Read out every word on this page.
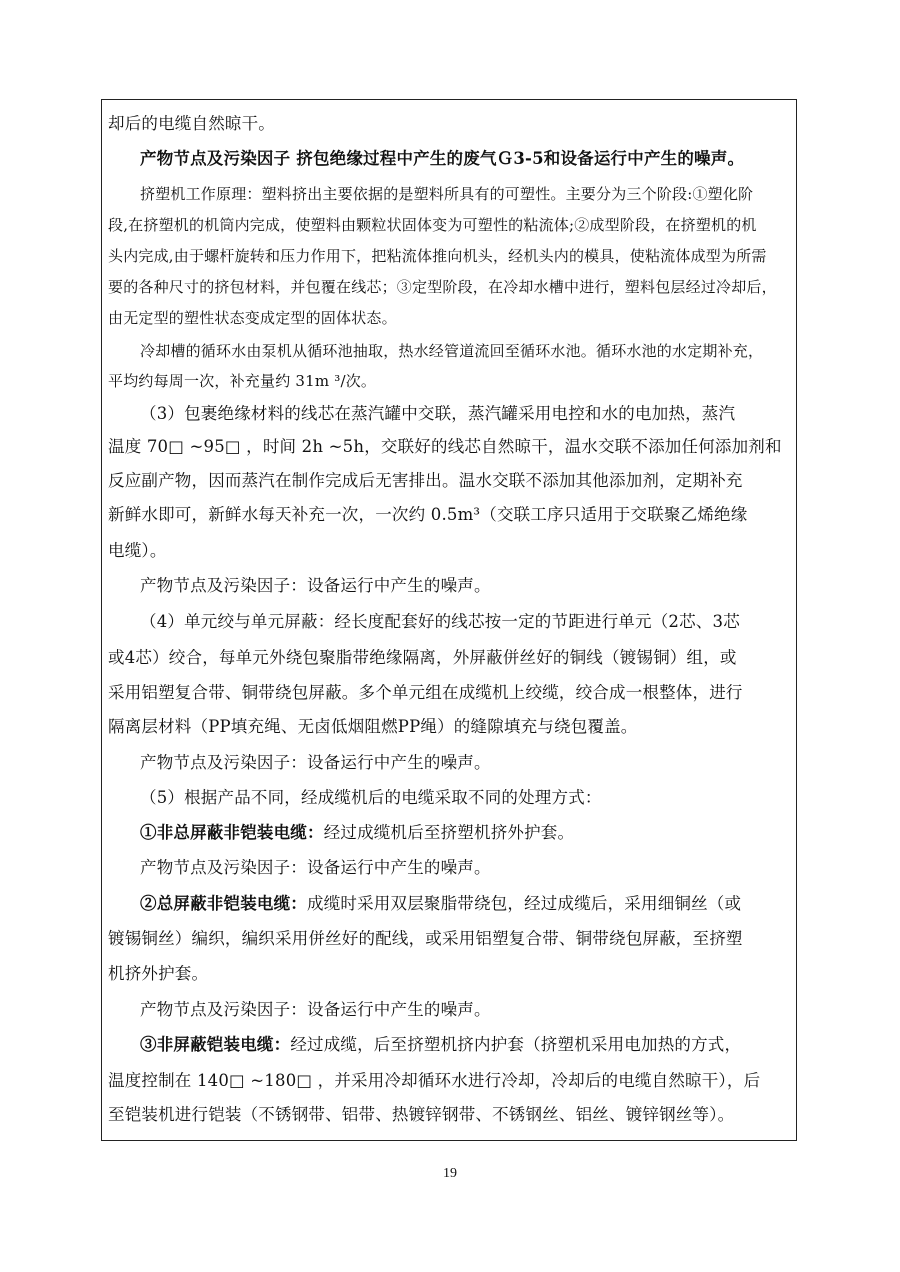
却后的电缆自然晾干。
产物节点及污染因子 挤包绝缘过程中产生的废气Ｇ3-5和设备运行中产生的噪声。
挤塑机工作原理：塑料挤出主要依据的是塑料所具有的可塑性。主要分为三个阶段:①塑化阶
段,在挤塑机的机筒内完成，使塑料由颗粒状固体变为可塑性的粘流体;②成型阶段，在挤塑机的机
头内完成,由于螺杆旋转和压力作用下，把粘流体推向机头，经机头内的模具，使粘流体成型为所需
要的各种尺寸的挤包材料，并包覆在线芯；③定型阶段，在冷却水槽中进行，塑料包层经过冷却后，
由无定型的塑性状态变成定型的固体状态。
冷却槽的循环水由泵机从循环池抽取，热水经管道流回至循环水池。循环水池的水定期补充，
平均约每周一次，补充量约 31m ³/次。
（3）包裹绝缘材料的线芯在蒸汽罐中交联，蒸汽罐采用电控和水的电加热，蒸汽
温度 70□ ~95□ ，时间 2h ~5h，交联好的线芯自然晾干，温水交联不添加任何添加剂和
反应副产物，因而蒸汽在制作完成后无害排出。温水交联不添加其他添加剂，定期补充
新鲜水即可，新鲜水每天补充一次，一次约 0.5m³（交联工序只适用于交联聚乙烯绝缘
电缆）。
产物节点及污染因子：设备运行中产生的噪声。
（4）单元绞与单元屏蔽：经长度配套好的线芯按一定的节距进行单元（2芯、3芯
或4芯）绞合，每单元外绕包聚脂带绝缘隔离，外屏蔽併丝好的铜线（镀锡铜）组，或
采用铝塑复合带、铜带绕包屏蔽。多个单元组在成缆机上绞缆，绞合成一根整体，进行
隔离层材料（PP填充绳、无卤低烟阻燃PP绳）的缝隙填充与绕包覆盖。
产物节点及污染因子：设备运行中产生的噪声。
（5）根据产品不同，经成缆机后的电缆采取不同的处理方式：
①非总屏蔽非铠装电缆：经过成缆机后至挤塑机挤外护套。
产物节点及污染因子：设备运行中产生的噪声。
②总屏蔽非铠装电缆：成缆时采用双层聚脂带绕包，经过成缆后，采用细铜丝（或
镀锡铜丝）编织，编织采用併丝好的配线，或采用铝塑复合带、铜带绕包屏蔽，至挤塑
机挤外护套。
产物节点及污染因子：设备运行中产生的噪声。
③非屏蔽铠装电缆：经过成缆，后至挤塑机挤内护套（挤塑机采用电加热的方式，
温度控制在 140□ ~180□ ，并采用冷却循环水进行冷却，冷却后的电缆自然晾干），后
至铠装机进行铠装（不锈钢带、铝带、热镀锌钢带、不锈钢丝、铝丝、镀锌钢丝等）。
19
